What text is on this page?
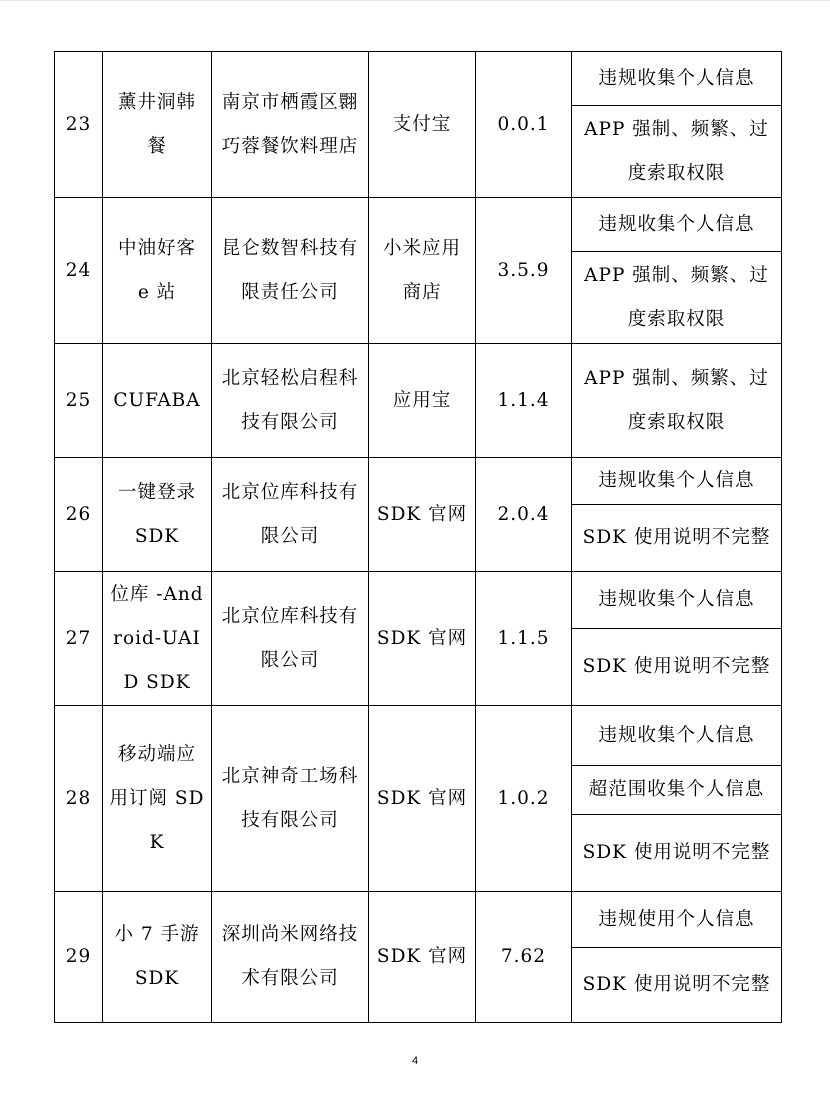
23	薰井洞韩餐	南京市栖霞区翾巧蓉餐饮料理店	支付宝	0.0.1	违规收集个人信息
					APP 强制、频繁、过度索取权限
24	中油好客 e 站	昆仑数智科技有限责任公司	小米应用商店	3.5.9	违规收集个人信息
					APP 强制、频繁、过度索取权限
25	CUFABA	北京轻松启程科技有限公司	应用宝	1.1.4	APP 强制、频繁、过度索取权限
26	一键登录 SDK	北京位库科技有限公司	SDK 官网	2.0.4	违规收集个人信息
					SDK 使用说明不完整
27	位库 -Android-UAID SDK	北京位库科技有限公司	SDK 官网	1.1.5	违规收集个人信息
					SDK 使用说明不完整
28	移动端应用订阅 SDK	北京神奇工场科技有限公司	SDK 官网	1.0.2	违规收集个人信息
					超范围收集个人信息
					SDK 使用说明不完整
29	小 7 手游 SDK	深圳尚米网络技术有限公司	SDK 官网	7.62	违规使用个人信息
					SDK 使用说明不完整
4
